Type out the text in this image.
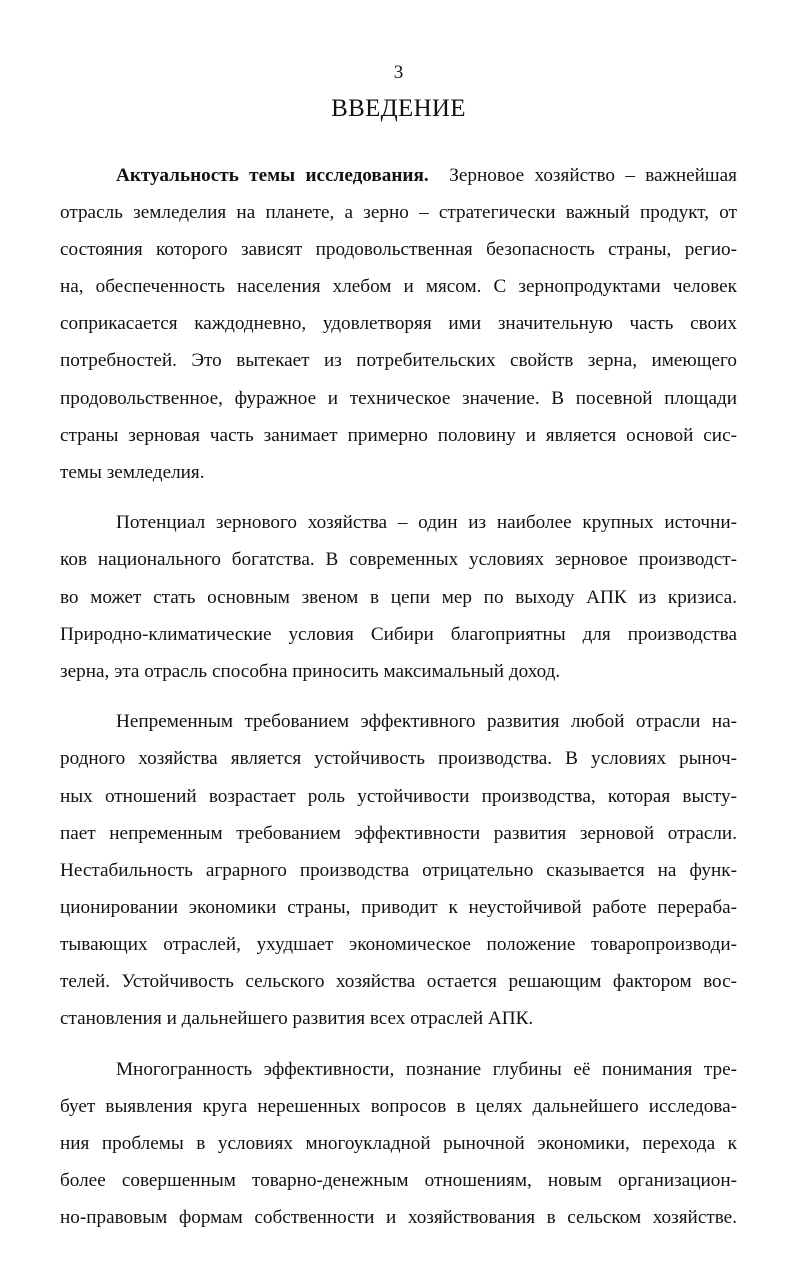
3
ВВЕДЕНИЕ
Актуальность темы исследования. Зерновое хозяйство – важнейшая
отрасль земледелия на планете, а зерно – стратегически важный продукт, от
состояния которого зависят продовольственная безопасность страны, регио-
на, обеспеченность населения хлебом и мясом. С зернопродуктами человек
соприкасается каждодневно, удовлетворяя ими значительную часть своих
потребностей. Это вытекает из потребительских свойств зерна, имеющего
продовольственное, фуражное и техническое значение. В посевной площади
страны зерновая часть занимает примерно половину и является основой сис-
темы земледелия.
Потенциал зернового хозяйства – один из наиболее крупных источни-
ков национального богатства. В современных условиях зерновое производст-
во может стать основным звеном в цепи мер по выходу АПК из кризиса.
Природно-климатические условия Сибири благоприятны для производства
зерна, эта отрасль способна приносить максимальный доход.
Непременным требованием эффективного развития любой отрасли на-
родного хозяйства является устойчивость производства. В условиях рыноч-
ных отношений возрастает роль устойчивости производства, которая высту-
пает непременным требованием эффективности развития зерновой отрасли.
Нестабильность аграрного производства отрицательно сказывается на функ-
ционировании экономики страны, приводит к неустойчивой работе перераба-
тывающих отраслей, ухудшает экономическое положение товаропроизводи-
телей. Устойчивость сельского хозяйства остается решающим фактором вос-
становления и дальнейшего развития всех отраслей АПК.
Многогранность эффективности, познание глубины её понимания тре-
бует выявления круга нерешенных вопросов в целях дальнейшего исследова-
ния проблемы в условиях многоукладной рыночной экономики, перехода к
более совершенным товарно-денежным отношениям, новым организацион-
но-правовым формам собственности и хозяйствования в сельском хозяйстве.
